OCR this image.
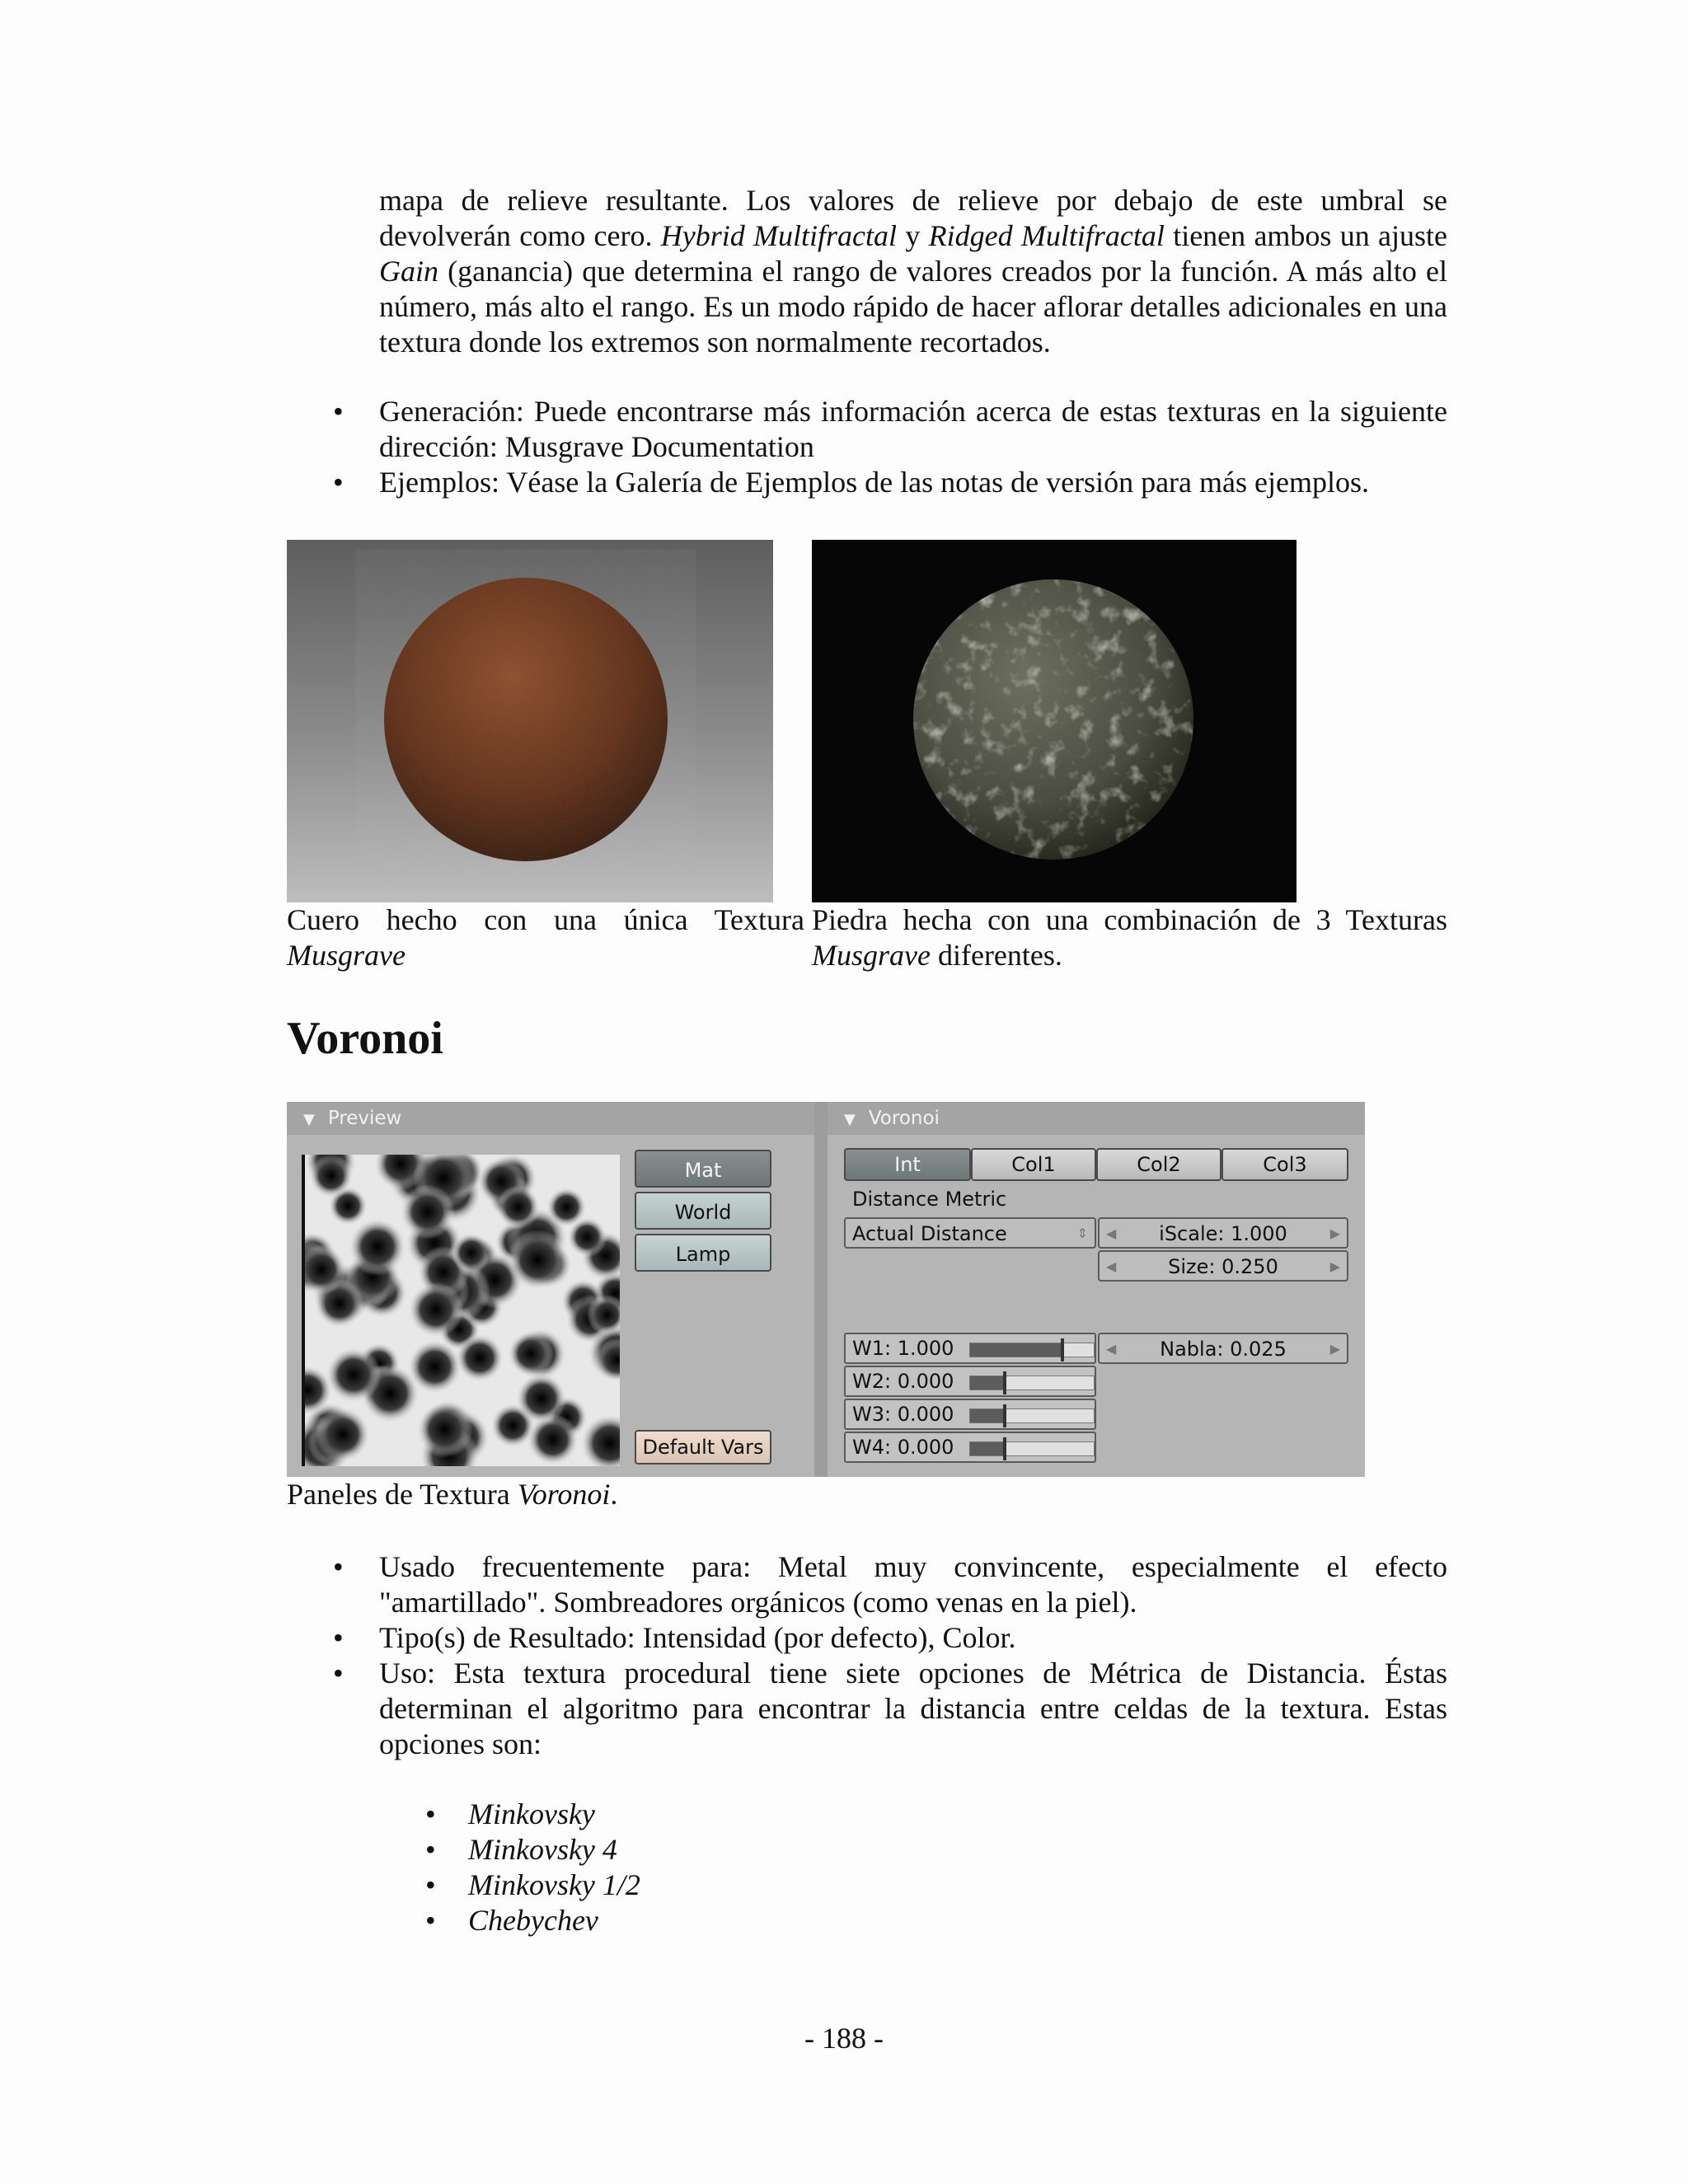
mapa de relieve resultante. Los valores de relieve por debajo de este umbral se devolverán como cero. Hybrid Multifractal y Ridged Multifractal tienen ambos un ajuste Gain (ganancia) que determina el rango de valores creados por la función. A más alto el número, más alto el rango. Es un modo rápido de hacer aflorar detalles adicionales en una textura donde los extremos son normalmente recortados.

• Generación: Puede encontrarse más información acerca de estas texturas en la siguiente dirección: Musgrave Documentation
• Ejemplos: Véase la Galería de Ejemplos de las notas de versión para más ejemplos.
Cuero hecho con una única Textura Musgrave
Piedra hecha con una combinación de 3 Texturas Musgrave diferentes.
Voronoi
▼ Preview	▼ Voronoi
Mat
World
Lamp
Default Vars
Int	Col1	Col2	Col3
Distance Metric
Actual Distance	⇕ ◀ iScale: 1.000	▶
◀	Size: 0.250	▶
W1: 1.000
W2: 0.000
W3: 0.000
W4: 0.000
◀ Nabla: 0.025	▶
Paneles de Textura Voronoi.
• Usado frecuentemente para: Metal muy convincente, especialmente el efecto "amartillado". Sombreadores orgánicos (como venas en la piel).
• Tipo(s) de Resultado: Intensidad (por defecto), Color.
• Uso: Esta textura procedural tiene siete opciones de Métrica de Distancia. Éstas determinan el algoritmo para encontrar la distancia entre celdas de la textura. Estas opciones son:
• Minkovsky
• Minkovsky 4
• Minkovsky 1/2
• Chebychev
- 188 -
